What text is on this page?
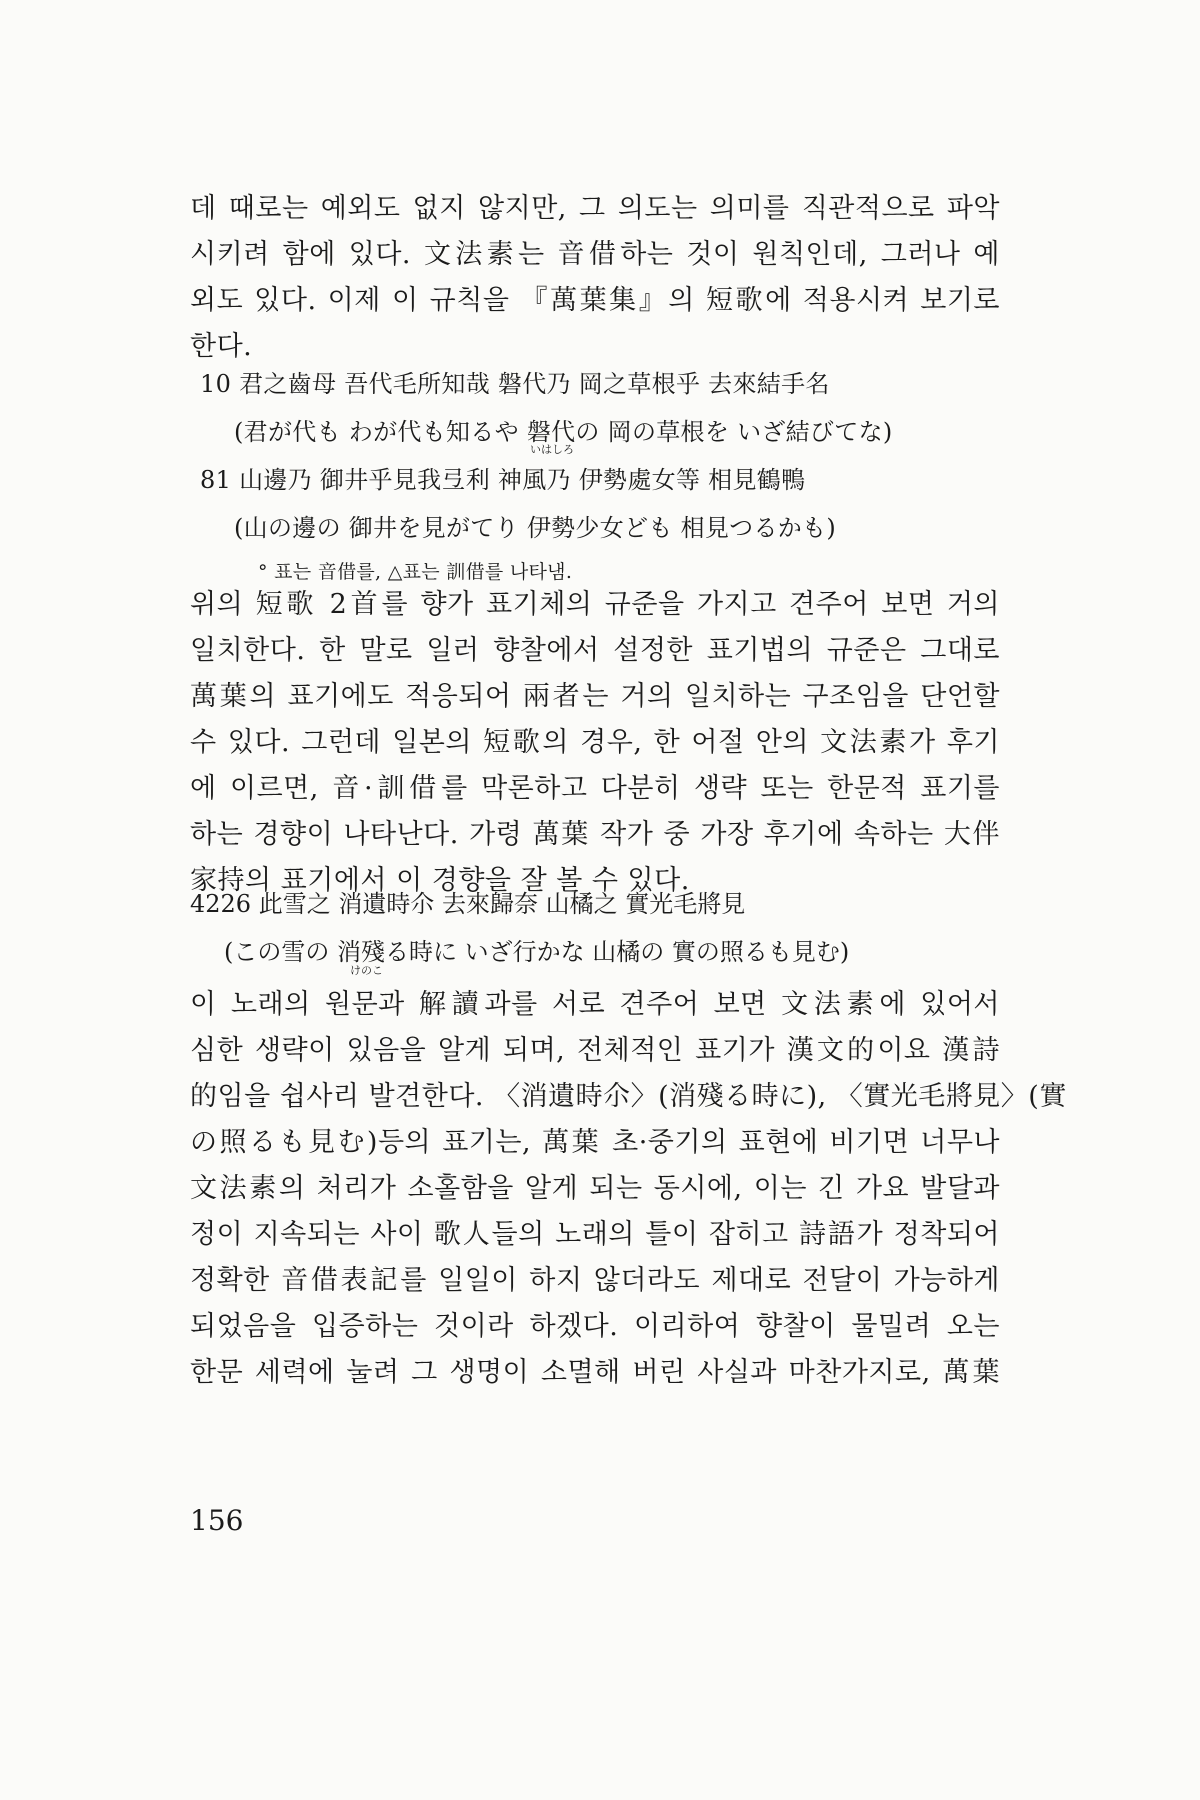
데 때로는 예외도 없지 않지만, 그 의도는 의미를 직관적으로 파악
시키려 함에 있다. 文法素는 音借하는 것이 원칙인데, 그러나 예
외도 있다. 이제 이 규칙을 『萬葉集』의 短歌에 적용시켜 보기로
한다.
10 君之齒母 吾代毛所知哉 磐代乃 岡之草根乎 去來結手名
(君が代も わが代も知るや 磐代の 岡の草根を いざ結びてな)
81 山邊乃 御井乎見我弖利 神風乃 伊勢處女等 相見鶴鴨
(山の邊の 御井を見がてり 伊勢少女ども 相見つるかも)
° 표는 音借를, △표는 訓借를 나타냄.
いはしろ
위의 短歌 2首를 향가 표기체의 규준을 가지고 견주어 보면 거의
일치한다. 한 말로 일러 향찰에서 설정한 표기법의 규준은 그대로
萬葉의 표기에도 적응되어 兩者는 거의 일치하는 구조임을 단언할
수 있다. 그런데 일본의 短歌의 경우, 한 어절 안의 文法素가 후기
에 이르면, 音·訓借를 막론하고 다분히 생략 또는 한문적 표기를
하는 경향이 나타난다. 가령 萬葉 작가 중 가장 후기에 속하는 大伴
家持의 표기에서 이 경향을 잘 볼 수 있다.
4226 此雪之 消遺時尒 去來歸奈 山橘之 實光毛將見
(この雪の 消殘る時に いざ行かな 山橘の 實の照るも見む)
けのこ
이 노래의 원문과 解讀과를 서로 견주어 보면 文法素에 있어서
심한 생략이 있음을 알게 되며, 전체적인 표기가 漢文的이요 漢詩
的임을 쉽사리 발견한다. 〈消遺時尒〉(消殘る時に), 〈實光毛將見〉(實
の照るも見む)등의 표기는, 萬葉 초·중기의 표현에 비기면 너무나
文法素의 처리가 소홀함을 알게 되는 동시에, 이는 긴 가요 발달과
정이 지속되는 사이 歌人들의 노래의 틀이 잡히고 詩語가 정착되어
정확한 音借表記를 일일이 하지 않더라도 제대로 전달이 가능하게
되었음을 입증하는 것이라 하겠다. 이리하여 향찰이 물밀려 오는
한문 세력에 눌려 그 생명이 소멸해 버린 사실과 마찬가지로, 萬葉
156
